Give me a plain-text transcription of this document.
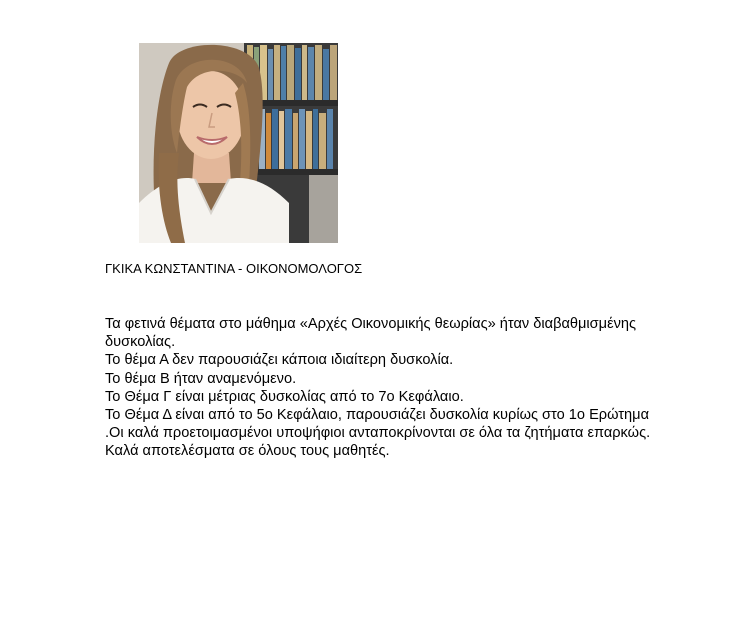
ΓΚΙΚΑ ΚΩΝΣΤΑΝΤΙΝΑ - ΟΙΚΟΝΟΜΟΛΟΓΟΣ

Τα φετινά θέματα στο μάθημα «Αρχές Οικονομικής θεωρίας» ήταν διαβαθμισμένης δυσκολίας.

Το θέμα Α δεν παρουσιάζει κάποια ιδιαίτερη δυσκολία.

Το θέμα Β ήταν αναμενόμενο.

Το Θέμα Γ είναι μέτριας δυσκολίας από το 7ο Κεφάλαιο.

Το Θέμα Δ είναι από το 5ο Κεφάλαιο, παρουσιάζει δυσκολία κυρίως στο 1ο Ερώτημα .Οι καλά προετοιμασμένοι υποψήφιοι ανταποκρίνονται σε όλα τα ζητήματα επαρκώς.

Καλά αποτελέσματα σε όλους τους μαθητές.
